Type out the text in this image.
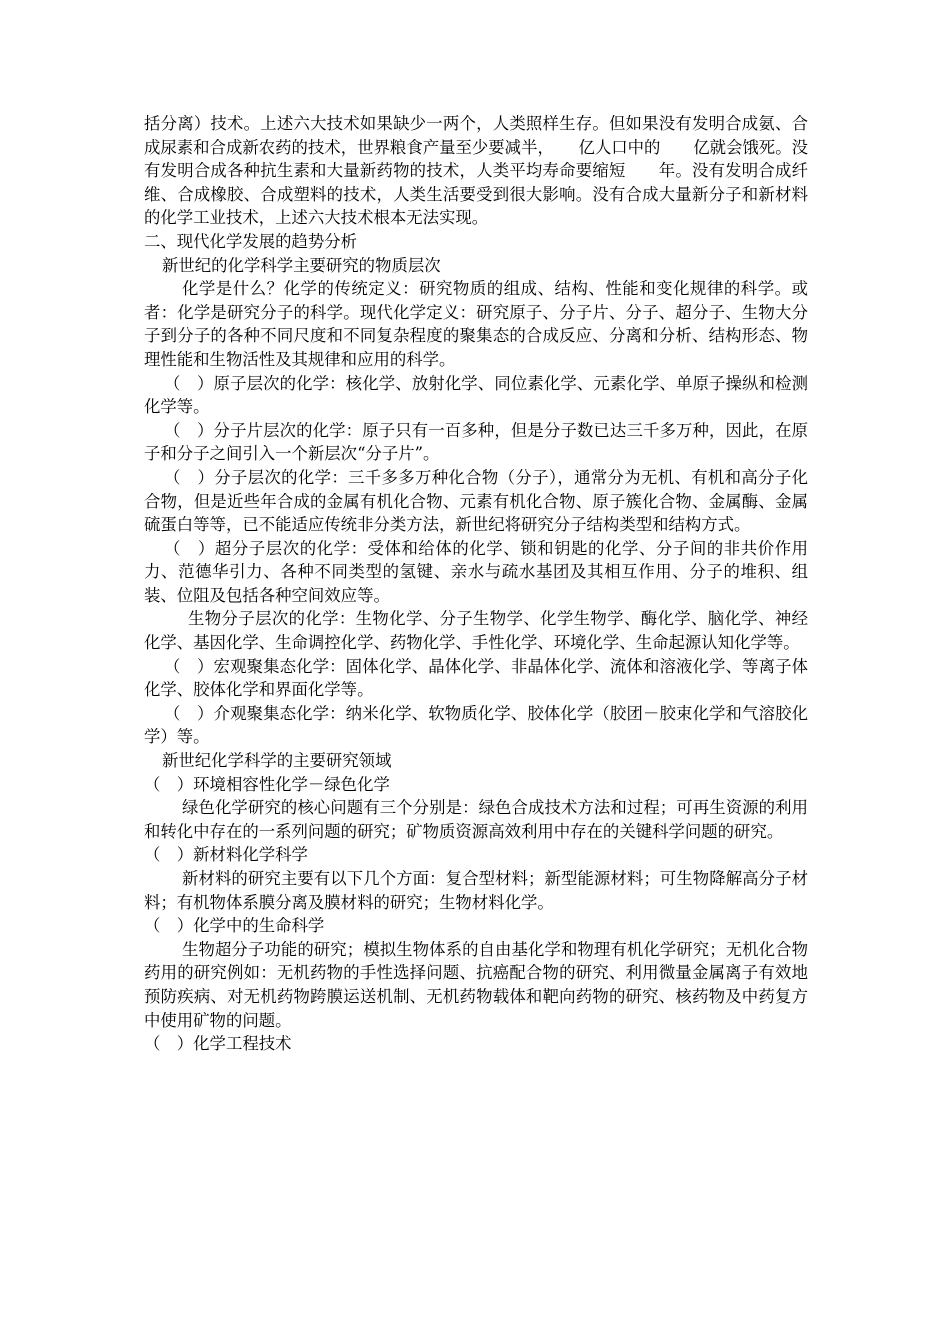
括分离）技术。上述六大技术如果缺少一两个，人类照样生存。但如果没有发明合成氨、合成尿素和合成新农药的技术，世界粮食产量至少要减半，　　亿人口中的　　亿就会饿死。没有发明合成各种抗生素和大量新药物的技术，人类平均寿命要缩短　　年。没有发明合成纤维、合成橡胶、合成塑料的技术，人类生活要受到很大影响。没有合成大量新分子和新材料的化学工业技术，上述六大技术根本无法实现。

二、现代化学发展的趋势分析

新世纪的化学科学主要研究的物质层次

化学是什么？化学的传统定义：研究物质的组成、结构、性能和变化规律的科学。或者：化学是研究分子的科学。现代化学定义：研究原子、分子片、分子、超分子、生物大分子到分子的各种不同尺度和不同复杂程度的聚集态的合成反应、分离和分析、结构形态、物理性能和生物活性及其规律和应用的科学。

（　）原子层次的化学：核化学、放射化学、同位素化学、元素化学、单原子操纵和检测化学等。

（　）分子片层次的化学：原子只有一百多种，但是分子数已达三千多万种，因此，在原子和分子之间引入一个新层次“分子片”。

（　）分子层次的化学：三千多多万种化合物（分子），通常分为无机、有机和高分子化合物，但是近些年合成的金属有机化合物、元素有机化合物、原子簇化合物、金属酶、金属硫蛋白等等，已不能适应传统非分类方法，新世纪将研究分子结构类型和结构方式。

（　）超分子层次的化学：受体和给体的化学、锁和钥匙的化学、分子间的非共价作用力、范德华引力、各种不同类型的氢键、亲水与疏水基团及其相互作用、分子的堆积、组装、位阻及包括各种空间效应等。

生物分子层次的化学：生物化学、分子生物学、化学生物学、酶化学、脑化学、神经化学、基因化学、生命调控化学、药物化学、手性化学、环境化学、生命起源认知化学等。

（　）宏观聚集态化学：固体化学、晶体化学、非晶体化学、流体和溶液化学、等离子体化学、胶体化学和界面化学等。

（　）介观聚集态化学：纳米化学、软物质化学、胶体化学（胶团－胶束化学和气溶胶化学）等。

新世纪化学科学的主要研究领域

（　）环境相容性化学－绿色化学

绿色化学研究的核心问题有三个分别是：绿色合成技术方法和过程；可再生资源的利用和转化中存在的一系列问题的研究；矿物质资源高效利用中存在的关键科学问题的研究。

（　）新材料化学科学

新材料的研究主要有以下几个方面：复合型材料；新型能源材料；可生物降解高分子材料；有机物体系膜分离及膜材料的研究；生物材料化学。

（　）化学中的生命科学

生物超分子功能的研究；模拟生物体系的自由基化学和物理有机化学研究；无机化合物药用的研究例如：无机药物的手性选择问题、抗癌配合物的研究、利用微量金属离子有效地预防疾病、对无机药物跨膜运送机制、无机药物载体和靶向药物的研究、核药物及中药复方中使用矿物的问题。

（　）化学工程技术
